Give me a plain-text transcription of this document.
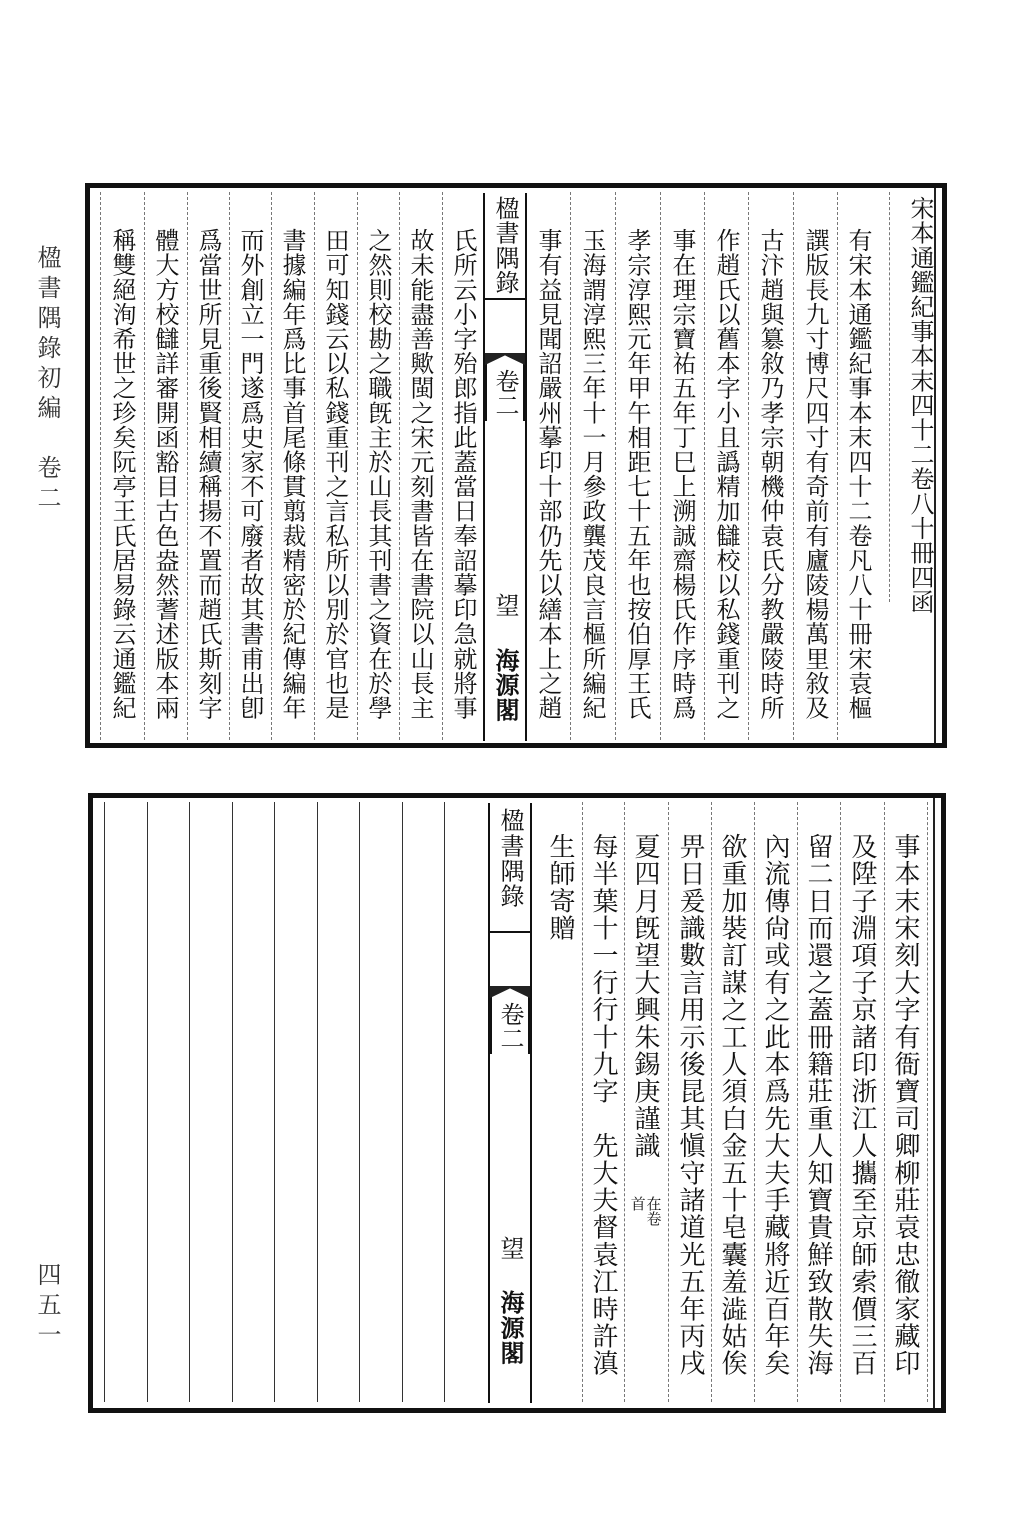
楹書隅錄初編　卷二
四五一
宋本通鑑紀事本末四十二卷八十冊四函
有宋本通鑑紀事本末四十二卷凡八十冊宋袁樞
譔版長九寸博尺四寸有奇前有廬陵楊萬里敘及
古汴趙與簒敘乃孝宗朝機仲袁氏分教嚴陵時所
作趙氏以舊本字小且譌精加讎校以私錢重刊之
事在理宗寶祐五年丁巳上溯誠齋楊氏作序時爲
孝宗淳熙元年甲午相距七十五年也按伯厚王氏
玉海謂淳熙三年十一月參政龔茂良言樞所編紀
事有益見聞詔嚴州摹印十部仍先以繕本上之趙
氏所云小字殆郎指此蓋當日奉詔摹印急就將事
故未能盡善歟閩之宋元刻書皆在書院以山長主
之然則校勘之職旣主於山長其刊書之資在於學
田可知錢云以私錢重刊之言私所以別於官也是
書據編年爲比事首尾條貫翦裁精密於紀傳編年
而外創立一門遂爲史家不可廢者故其書甫出卽
爲當世所見重後賢相續稱揚不置而趙氏斯刻字
體大方校讎詳審開函豁目古色盎然蓍述版本兩
稱雙絕洵希世之珍矣阮亭王氏居易錄云通鑑紀	楹書隅錄
卷二
望
海源閣
事本末宋刻大字有衙寶司卿柳莊袁忠徹家藏印
及陞子淵項子京諸印浙江人攜至京師索價三百
留二日而還之蓋冊籍莊重人知寶貴鮮致散失海
內流傳尙或有之此本爲先大夫手藏將近百年矣
欲重加裝訂謀之工人須白金五十皂囊羞澁姑俟
畀日爰識數言用示後昆其愼守諸道光五年丙戌
夏四月旣望大興朱錫庚謹識
每半葉十一行行十九字　先大夫督袁江時許滇
生師寄贈
在卷
首
楹書隅錄
卷二
望
海源閣
